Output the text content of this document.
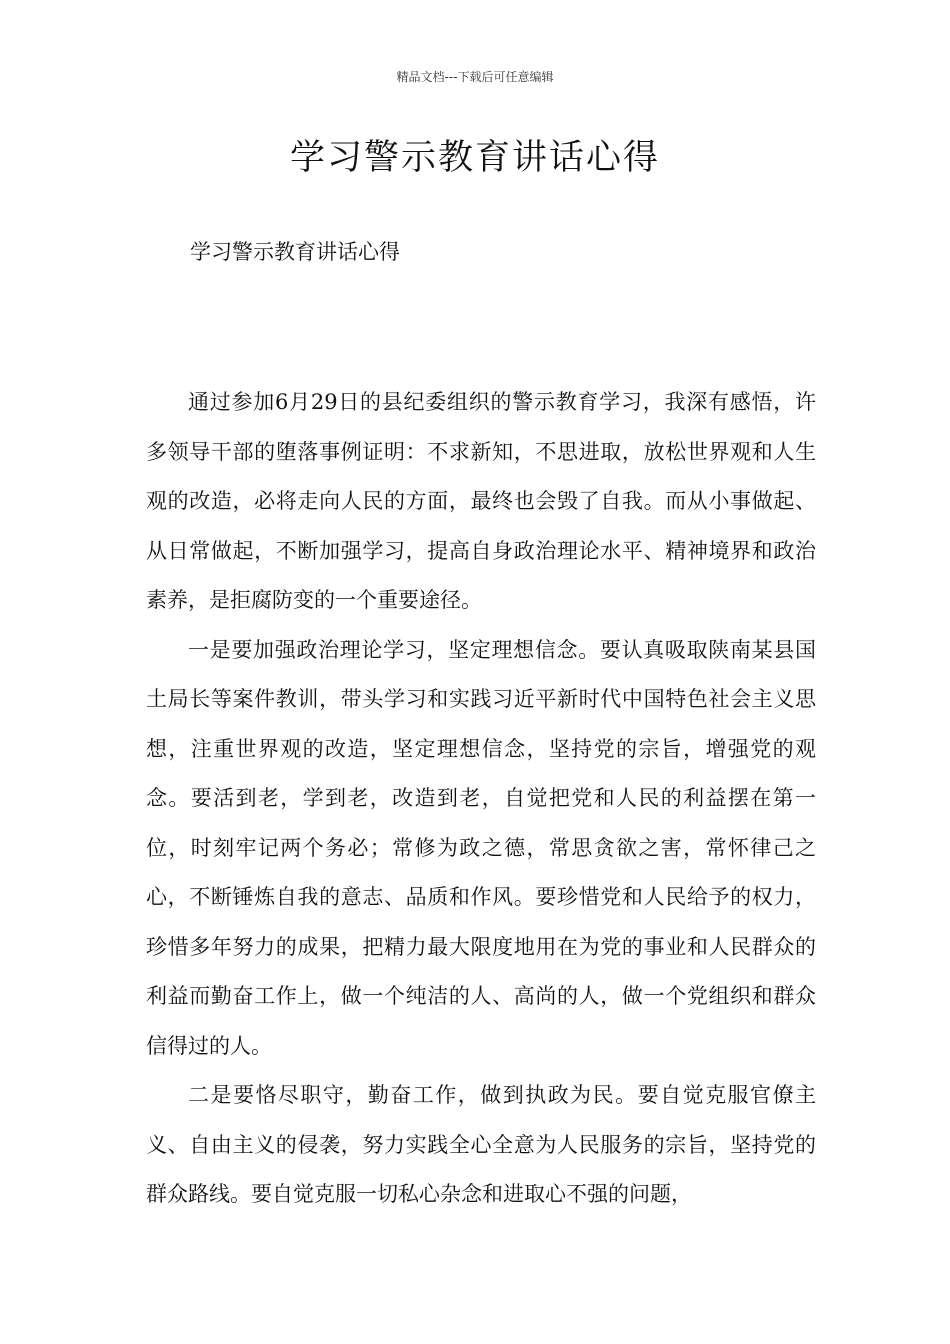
精品文档---下载后可任意编辑
学习警示教育讲话心得
学习警示教育讲话心得

通过参加6月29日的县纪委组织的警示教育学习，我深有感悟，许多领导干部的堕落事例证明：不求新知，不思进取，放松世界观和人生观的改造，必将走向人民的方面，最终也会毁了自我。而从小事做起、从日常做起，不断加强学习，提高自身政治理论水平、精神境界和政治素养，是拒腐防变的一个重要途径。

一是要加强政治理论学习，坚定理想信念。要认真吸取陕南某县国土局长等案件教训，带头学习和实践习近平新时代中国特色社会主义思想，注重世界观的改造，坚定理想信念，坚持党的宗旨，增强党的观念。要活到老，学到老，改造到老，自觉把党和人民的利益摆在第一位，时刻牢记两个务必；常修为政之德，常思贪欲之害，常怀律己之心，不断锤炼自我的意志、品质和作风。要珍惜党和人民给予的权力，珍惜多年努力的成果，把精力最大限度地用在为党的事业和人民群众的利益而勤奋工作上，做一个纯洁的人、高尚的人，做一个党组织和群众信得过的人。

二是要恪尽职守，勤奋工作，做到执政为民。要自觉克服官僚主义、自由主义的侵袭，努力实践全心全意为人民服务的宗旨，坚持党的群众路线。要自觉克服一切私心杂念和进取心不强的问题，
